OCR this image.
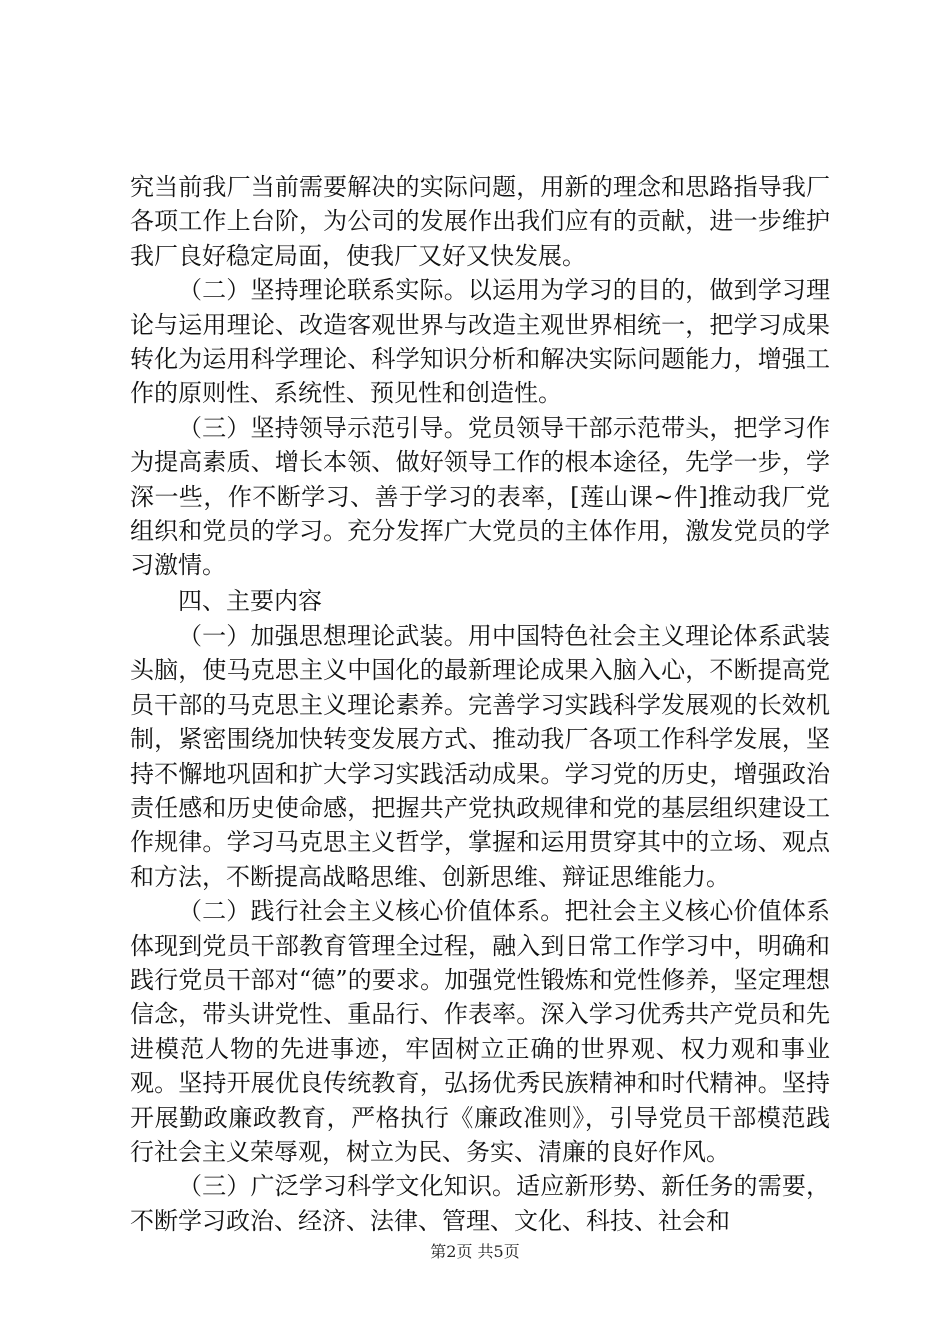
究当前我厂当前需要解决的实际问题，用新的理念和思路指导我厂各项工作上台阶，为公司的发展作出我们应有的贡献，进一步维护我厂良好稳定局面，使我厂又好又快发展。

（二）坚持理论联系实际。以运用为学习的目的，做到学习理论与运用理论、改造客观世界与改造主观世界相统一，把学习成果转化为运用科学理论、科学知识分析和解决实际问题能力，增强工作的原则性、系统性、预见性和创造性。

（三）坚持领导示范引导。党员领导干部示范带头，把学习作为提高素质、增长本领、做好领导工作的根本途径，先学一步，学深一些，作不断学习、善于学习的表率，[莲山课~件]推动我厂党组织和党员的学习。充分发挥广大党员的主体作用，激发党员的学习激情。

四、主要内容

（一）加强思想理论武装。用中国特色社会主义理论体系武装头脑，使马克思主义中国化的最新理论成果入脑入心，不断提高党员干部的马克思主义理论素养。完善学习实践科学发展观的长效机制，紧密围绕加快转变发展方式、推动我厂各项工作科学发展，坚持不懈地巩固和扩大学习实践活动成果。学习党的历史，增强政治责任感和历史使命感，把握共产党执政规律和党的基层组织建设工作规律。学习马克思主义哲学，掌握和运用贯穿其中的立场、观点和方法，不断提高战略思维、创新思维、辩证思维能力。

（二）践行社会主义核心价值体系。把社会主义核心价值体系体现到党员干部教育管理全过程，融入到日常工作学习中，明确和践行党员干部对“德”的要求。加强党性锻炼和党性修养，坚定理想信念，带头讲党性、重品行、作表率。深入学习优秀共产党员和先进模范人物的先进事迹，牢固树立正确的世界观、权力观和事业观。坚持开展优良传统教育，弘扬优秀民族精神和时代精神。坚持开展勤政廉政教育，严格执行《廉政准则》，引导党员干部模范践行社会主义荣辱观，树立为民、务实、清廉的良好作风。

（三）广泛学习科学文化知识。适应新形势、新任务的需要，不断学习政治、经济、法律、管理、文化、科技、社会和

第2页 共5页
